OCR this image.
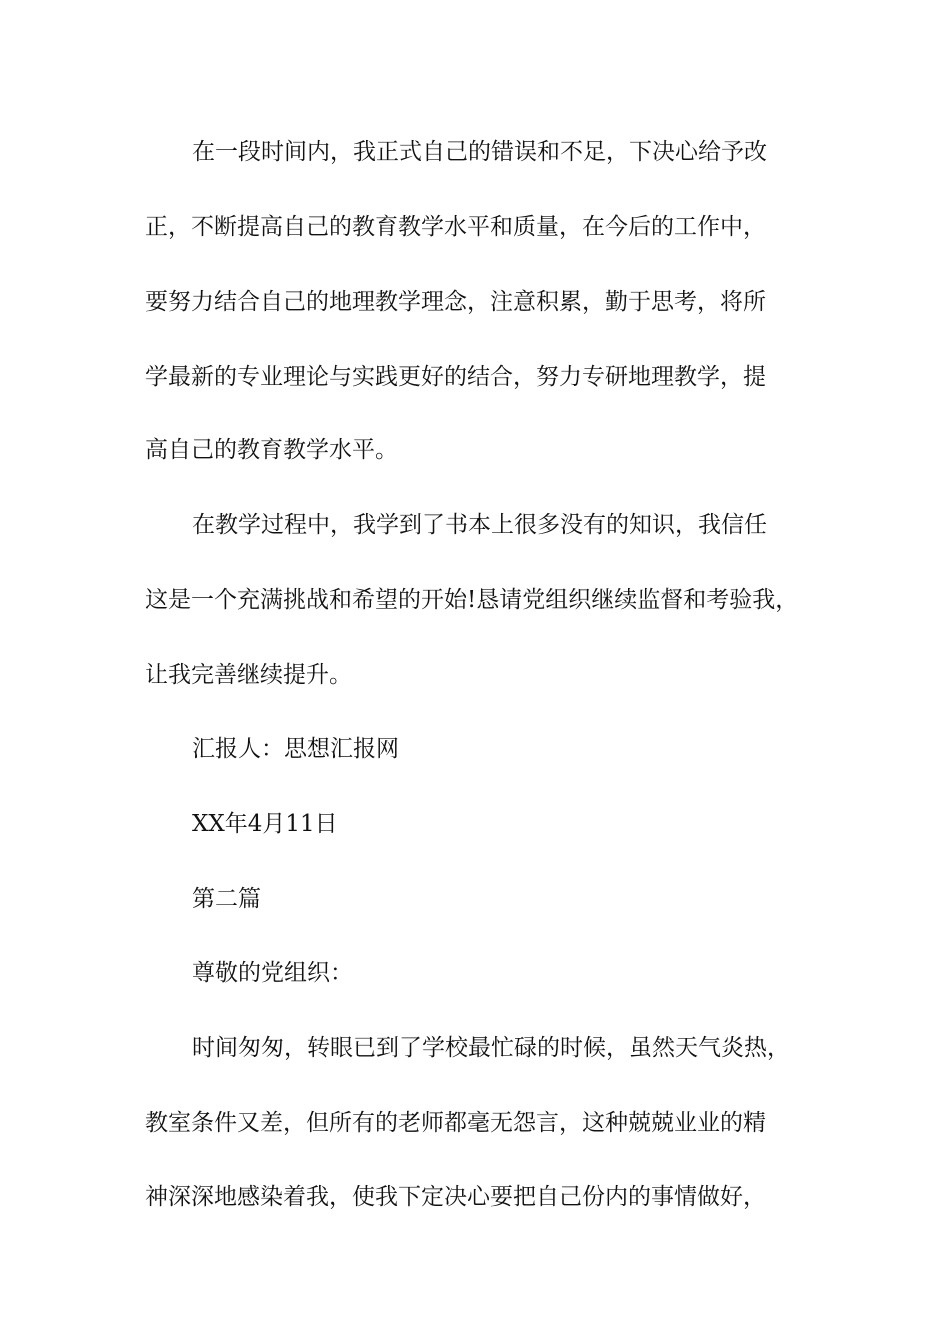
在一段时间内，我正式自己的错误和不足，下决心给予改
正，不断提高自己的教育教学水平和质量，在今后的工作中，
要努力结合自己的地理教学理念，注意积累，勤于思考，将所
学最新的专业理论与实践更好的结合，努力专研地理教学，提
高自己的教育教学水平。
在教学过程中，我学到了书本上很多没有的知识，我信任
这是一个充满挑战和希望的开始!恳请党组织继续监督和考验我，
让我完善继续提升。
汇报人：思想汇报网
XX年4月11日
第二篇
尊敬的党组织：
时间匆匆，转眼已到了学校最忙碌的时候，虽然天气炎热，
教室条件又差，但所有的老师都毫无怨言，这种兢兢业业的精
神深深地感染着我，使我下定决心要把自己份内的事情做好，
